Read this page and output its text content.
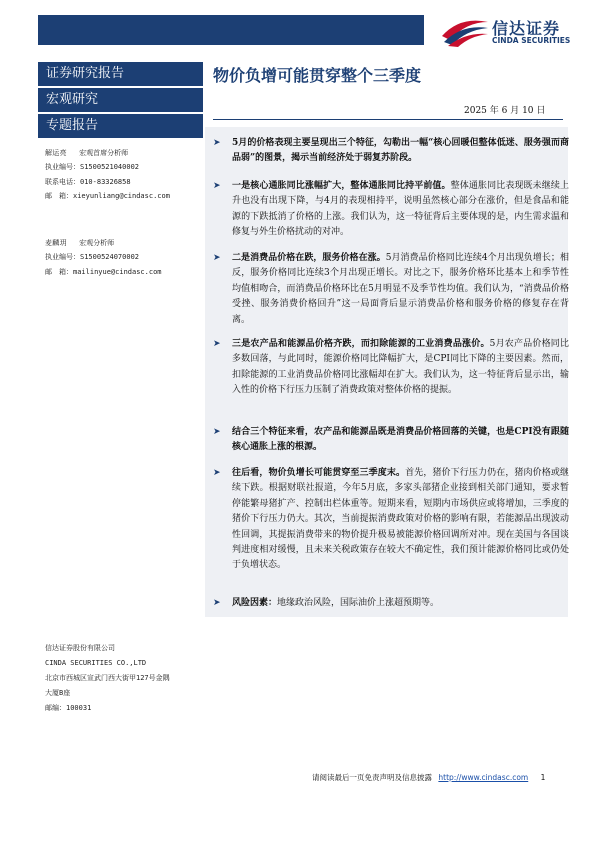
信达证券
CINDA SECURITIES
证券研究报告
宏观研究
专题报告
物价负增可能贯穿整个三季度
2025 年 6 月 10 日
解运亮 宏观首席分析师
执业编号：S1500521040002
联系电话：010-83326858
邮　箱：xieyunliang@cindasc.com
麦麟玥 宏观分析师
执业编号：S1500524070002
邮　箱：mailinyue@cindasc.com
信达证券股份有限公司
CINDA SECURITIES CO.,LTD
北京市西城区宣武门西大街甲127号金隅
大厦B座
邮编：100031
➤ 5月的价格表现主要呈现出三个特征，勾勒出一幅“核心回暖但整体低迷、服务强而商品弱”的图景，揭示当前经济处于弱复苏阶段。
➤ 一是核心通胀同比涨幅扩大，整体通胀同比持平前值。整体通胀同比表现既未继续上升也没有出现下降，与4月的表现相持平，说明虽然核心部分在涨价，但是食品和能源的下跌抵消了价格的上涨。我们认为，这一特征背后主要体现的是，内生需求温和修复与外生价格扰动的对冲。
➤ 二是消费品价格在跌，服务价格在涨。5月消费品价格同比连续4个月出现负增长；相反，服务价格同比连续3个月出现正增长。对比之下，服务价格环比基本上和季节性均值相吻合，而消费品价格环比在5月明显不及季节性均值。我们认为，“消费品价格受挫、服务消费价格回升”这一局面背后显示消费品价格和服务价格的修复存在背离。
➤ 三是农产品和能源品价格齐跌，而扣除能源的工业消费品涨价。5月农产品价格同比多数回落，与此同时，能源价格同比降幅扩大，是CPI同比下降的主要因素。然而，扣除能源的工业消费品价格同比涨幅却在扩大。我们认为，这一特征背后显示出，输入性的价格下行压力压制了消费政策对整体价格的提振。
➤ 结合三个特征来看，农产品和能源品既是消费品价格回落的关键，也是CPI没有跟随核心通胀上涨的根源。
➤ 往后看，物价负增长可能贯穿至三季度末。首先，猪价下行压力仍在，猪肉价格或继续下跌。根据财联社报道，今年5月底，多家头部猪企业接到相关部门通知，要求暂停能繁母猪扩产、控制出栏体重等。短期来看，短期内市场供应或将增加，三季度的猪价下行压力仍大。其次，当前提振消费政策对价格的影响有限，若能源品出现波动性回调，其提振消费带来的物价提升极易被能源价格回调所对冲。现在美国与各国谈判进度相对缓慢，且未来关税政策存在较大不确定性，我们预计能源价格同比或仍处于负增状态。
➤ 风险因素：地缘政治风险，国际油价上涨超预期等。
请阅读最后一页免责声明及信息披露 http://www.cindasc.com 1
